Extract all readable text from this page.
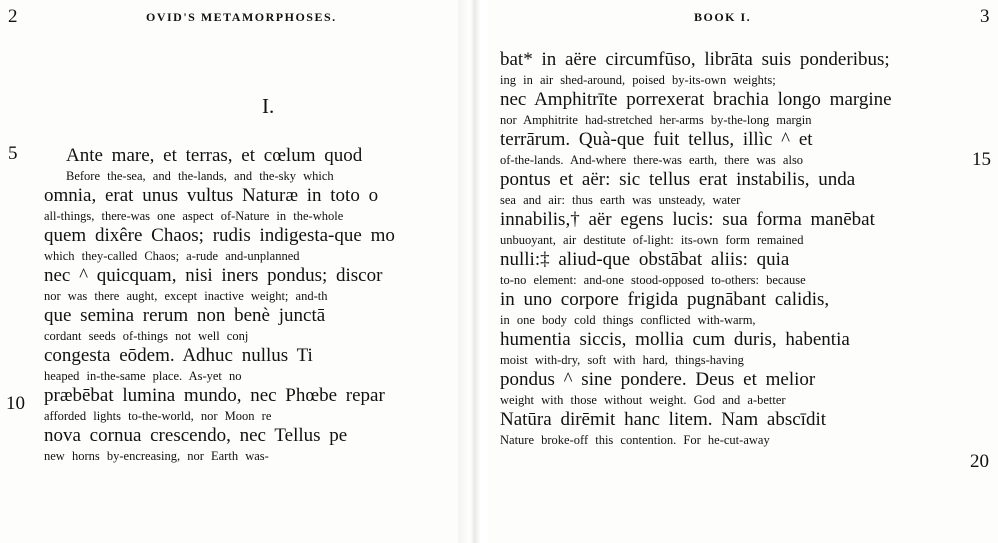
2	OVID'S METAMORPHOSES.
I.
5
10
Ante mare, et terras, et cœlum quod
Before the-sea, and the-lands, and the-sky which
omnia, erat unus vultus Naturæ in toto o
all-things, there-was one aspect of-Nature in the-whole
quem dixêre Chaos; rudis indigesta-que mo
which they-called Chaos; a-rude and-unplanned
nec ^ quicquam, nisi iners pondus; discor
nor was there aught, except inactive weight; and-th
que semina rerum non benè junctā
cordant seeds of-things not well conj
congesta eōdem. Adhuc nullus Ti
heaped in-the-same place. As-yet no
præbēbat lumina mundo, nec Phœbe repar
afforded lights to-the-world, nor Moon re
nova cornua crescendo, nec Tellus pe
new horns by-encreasing, nor Earth was-
BOOK I.	3
15
20
bat* in aëre circumfūso, librāta suis ponderibus;
ing in air shed-around, poised by-its-own weights;
nec Amphitrīte porrexerat brachia longo margine
nor Amphitrite had-stretched her-arms by-the-long margin
terrārum. Quà-que fuit tellus, illìc ^ et
of-the-lands. And-where there-was earth, there was also
pontus et aër: sic tellus erat instabilis, unda
sea and air: thus earth was unsteady, water
innabilis,† aër egens lucis: sua forma manēbat
unbuoyant, air destitute of-light: its-own form remained
nulli:‡ aliud-que obstābat aliis: quia
to-no element: and-one stood-opposed to-others: because
in uno corpore frigida pugnābant calidis,
in one body cold things conflicted with-warm,
humentia siccis, mollia cum duris, habentia
moist with-dry, soft with hard, things-having
pondus ^ sine pondere. Deus et melior
weight with those without weight. God and a-better
Natūra dirēmit hanc litem. Nam abscīdit
Nature broke-off this contention. For he-cut-away
